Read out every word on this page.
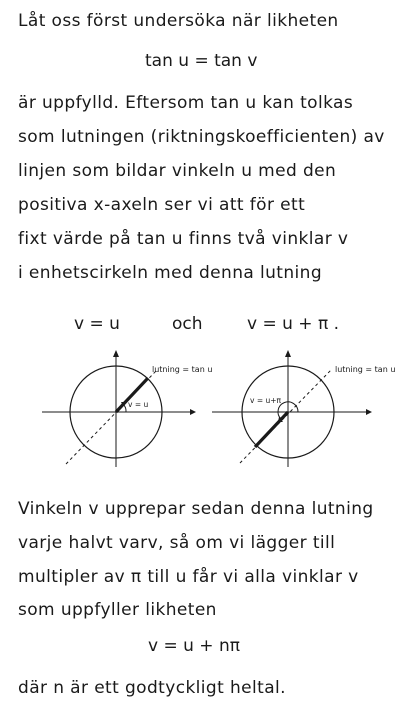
Låt oss först undersöka när likheten
tan u = tan v
är uppfylld. Eftersom tan u kan tolkas
som lutningen (riktningskoefficienten) av
linjen som bildar vinkeln u med den
positiva x-axeln ser vi att för ett
fixt värde på tan u finns två vinklar v
i enhetscirkeln med denna lutning
v = u	och	v = u + π .
v = u
lutning = tan u
v = u+π
lutning = tan u
Vinkeln v upprepar sedan denna lutning
varje halvt varv, så om vi lägger till
multipler av π till u får vi alla vinklar v
som uppfyller likheten
v = u + nπ
där n är ett godtyckligt heltal.
